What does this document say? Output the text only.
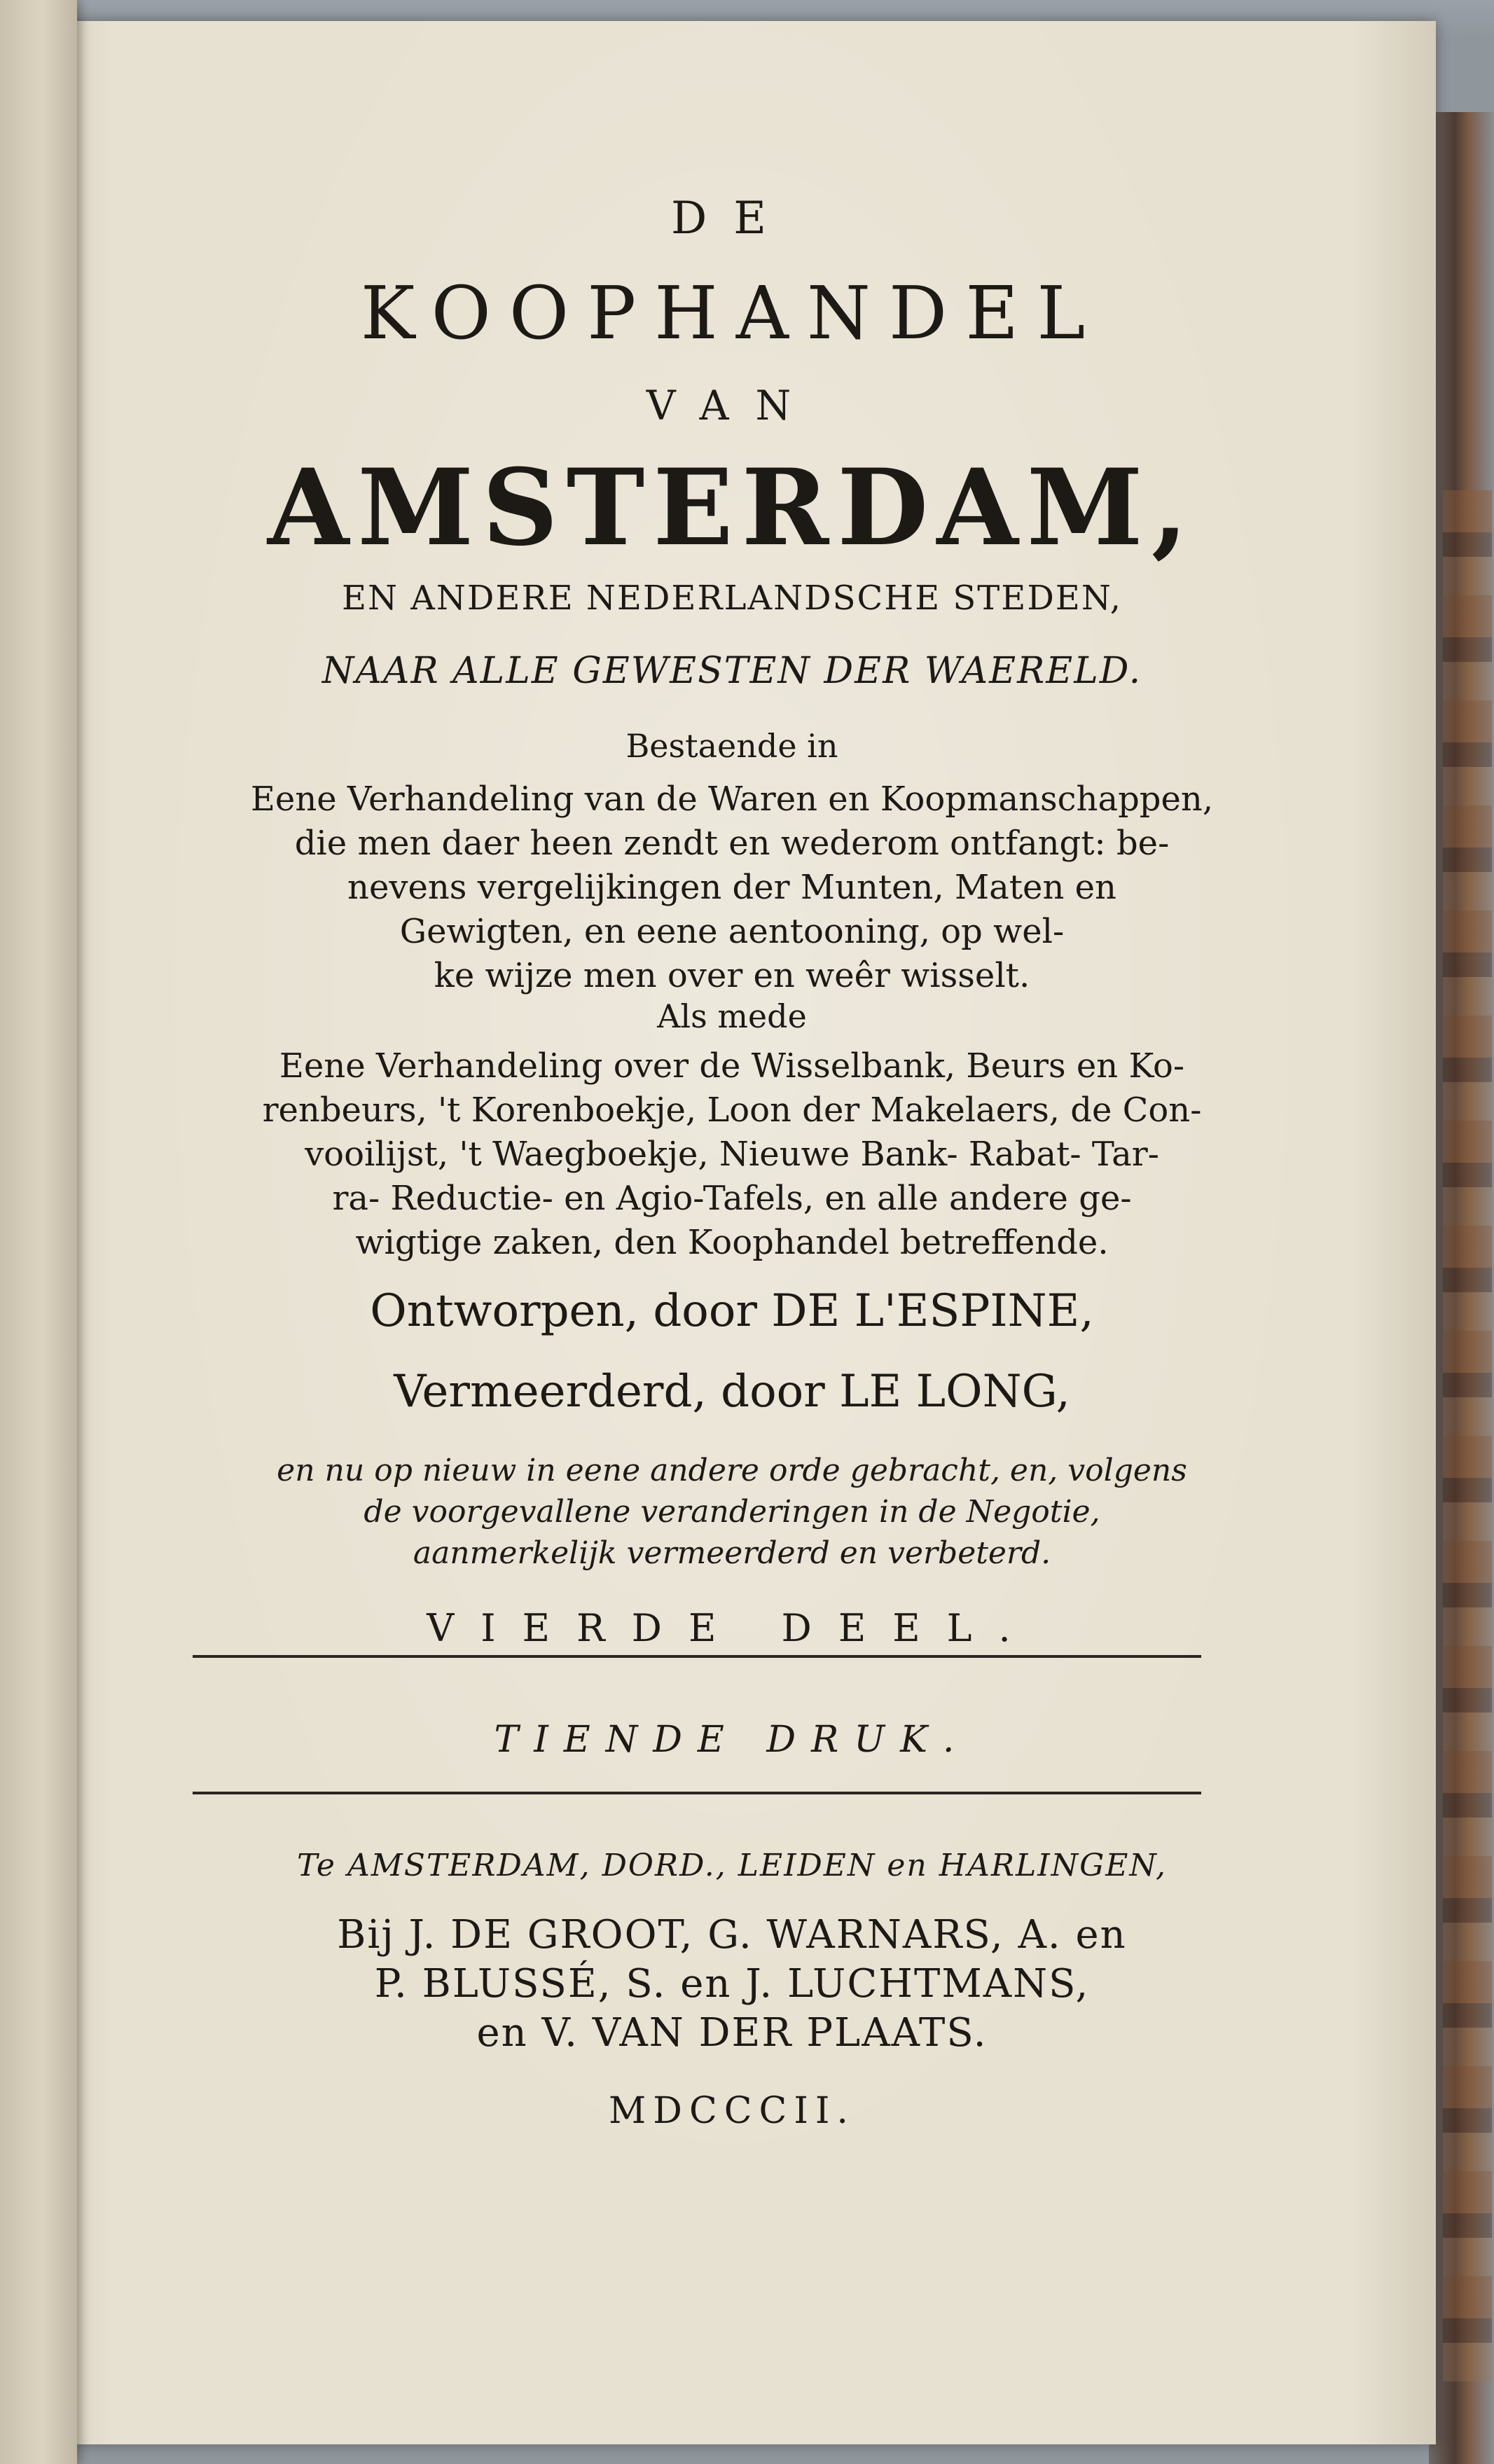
DE
KOOPHANDEL
VAN
AMSTERDAM,
EN ANDERE NEDERLANDSCHE STEDEN,
NAAR ALLE GEWESTEN DER WAERELD.
Bestaende in
Eene Verhandeling van de Waren en Koopmanschappen,
die men daer heen zendt en wederom ontfangt: be-
nevens vergelijkingen der Munten, Maten en
Gewigten, en eene aentooning, op wel-
ke wijze men over en weêr wisselt.
Als mede
Eene Verhandeling over de Wisselbank, Beurs en Ko-
renbeurs, 't Korenboekje, Loon der Makelaers, de Con-
vooilijst, 't Waegboekje, Nieuwe Bank- Rabat- Tar-
ra- Reductie- en Agio-Tafels, en alle andere ge-
wigtige zaken, den Koophandel betreffende.
Ontworpen, door DE L'ESPINE,
Vermeerderd, door LE LONG,
en nu op nieuw in eene andere orde gebracht, en, volgens
de voorgevallene veranderingen in de Negotie,
aanmerkelijk vermeerderd en verbeterd.
VIERDE DEEL.
TIENDE DRUK.
Te AMSTERDAM, DORD., LEIDEN en HARLINGEN,
Bij J. DE GROOT, G. WARNARS, A. en
P. BLUSSÉ, S. en J. LUCHTMANS,
en V. VAN DER PLAATS.
MDCCCII.
